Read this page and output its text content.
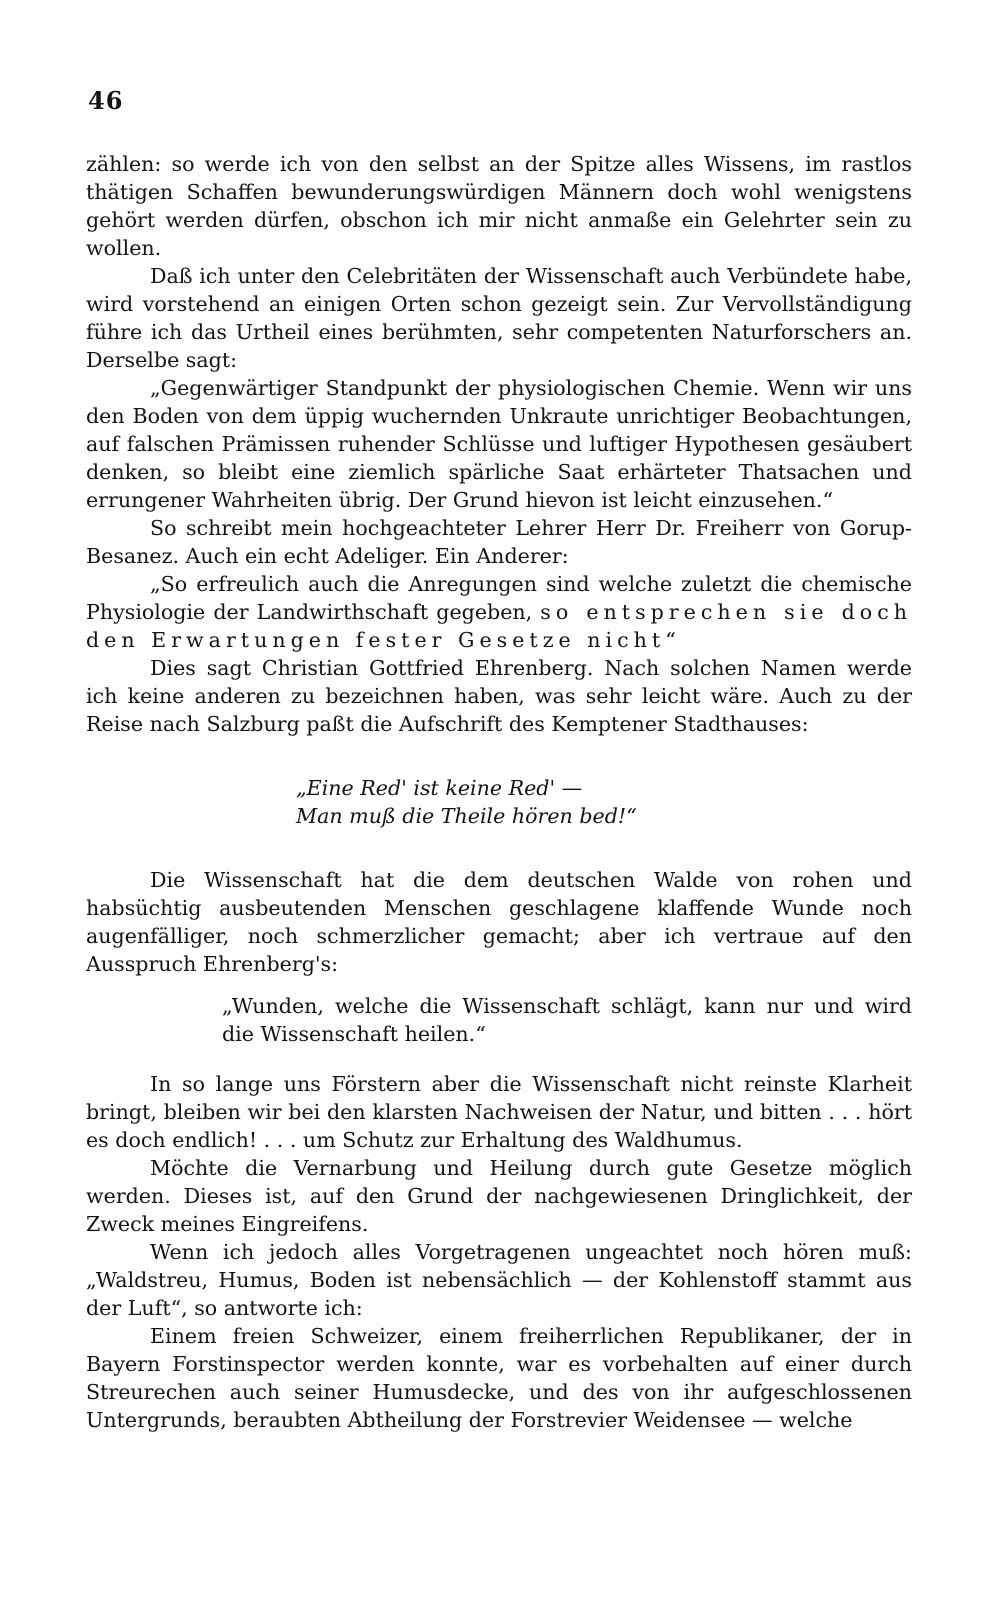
46

zählen: so werde ich von den selbst an der Spitze alles Wissens, im rastlos thätigen Schaffen bewunderungswürdigen Männern doch wohl wenigstens gehört werden dürfen, obschon ich mir nicht anmaße ein Gelehrter sein zu wollen.

Daß ich unter den Celebritäten der Wissenschaft auch Verbündete habe, wird vorstehend an einigen Orten schon gezeigt sein. Zur Vervollständigung führe ich das Urtheil eines berühmten, sehr competenten Naturforschers an. Derselbe sagt:

„Gegenwärtiger Standpunkt der physiologischen Chemie. Wenn wir uns den Boden von dem üppig wuchernden Unkraute unrichtiger Beobachtungen, auf falschen Prämissen ruhender Schlüsse und luftiger Hypothesen gesäubert denken, so bleibt eine ziemlich spärliche Saat erhärteter Thatsachen und errungener Wahrheiten übrig. Der Grund hievon ist leicht einzusehen.“

So schreibt mein hochgeachteter Lehrer Herr Dr. Freiherr von Gorup-Besanez. Auch ein echt Adeliger. Ein Anderer:

„So erfreulich auch die Anregungen sind welche zuletzt die chemische Physiologie der Landwirthschaft gegeben, so entsprechen sie doch den Erwartungen fester Gesetze nicht“

Dies sagt Christian Gottfried Ehrenberg. Nach solchen Namen werde ich keine anderen zu bezeichnen haben, was sehr leicht wäre. Auch zu der Reise nach Salzburg paßt die Aufschrift des Kemptener Stadthauses:

„Eine Red' ist keine Red' —
Man muß die Theile hören bed!“

Die Wissenschaft hat die dem deutschen Walde von rohen und habsüchtig ausbeutenden Menschen geschlagene klaffende Wunde noch augenfälliger, noch schmerzlicher gemacht; aber ich vertraue auf den Ausspruch Ehrenberg's:

„Wunden, welche die Wissenschaft schlägt, kann nur und wird die Wissenschaft heilen.“

In so lange uns Förstern aber die Wissenschaft nicht reinste Klarheit bringt, bleiben wir bei den klarsten Nachweisen der Natur, und bitten . . . hört es doch endlich! . . . um Schutz zur Erhaltung des Waldhumus.

Möchte die Vernarbung und Heilung durch gute Gesetze möglich werden. Dieses ist, auf den Grund der nachgewiesenen Dringlichkeit, der Zweck meines Eingreifens.

Wenn ich jedoch alles Vorgetragenen ungeachtet noch hören muß: „Waldstreu, Humus, Boden ist nebensächlich — der Kohlenstoff stammt aus der Luft“, so antworte ich:

Einem freien Schweizer, einem freiherrlichen Republikaner, der in Bayern Forstinspector werden konnte, war es vorbehalten auf einer durch Streurechen auch seiner Humusdecke, und des von ihr aufgeschlossenen Untergrunds, beraubten Abtheilung der Forstrevier Weidensee — welche
